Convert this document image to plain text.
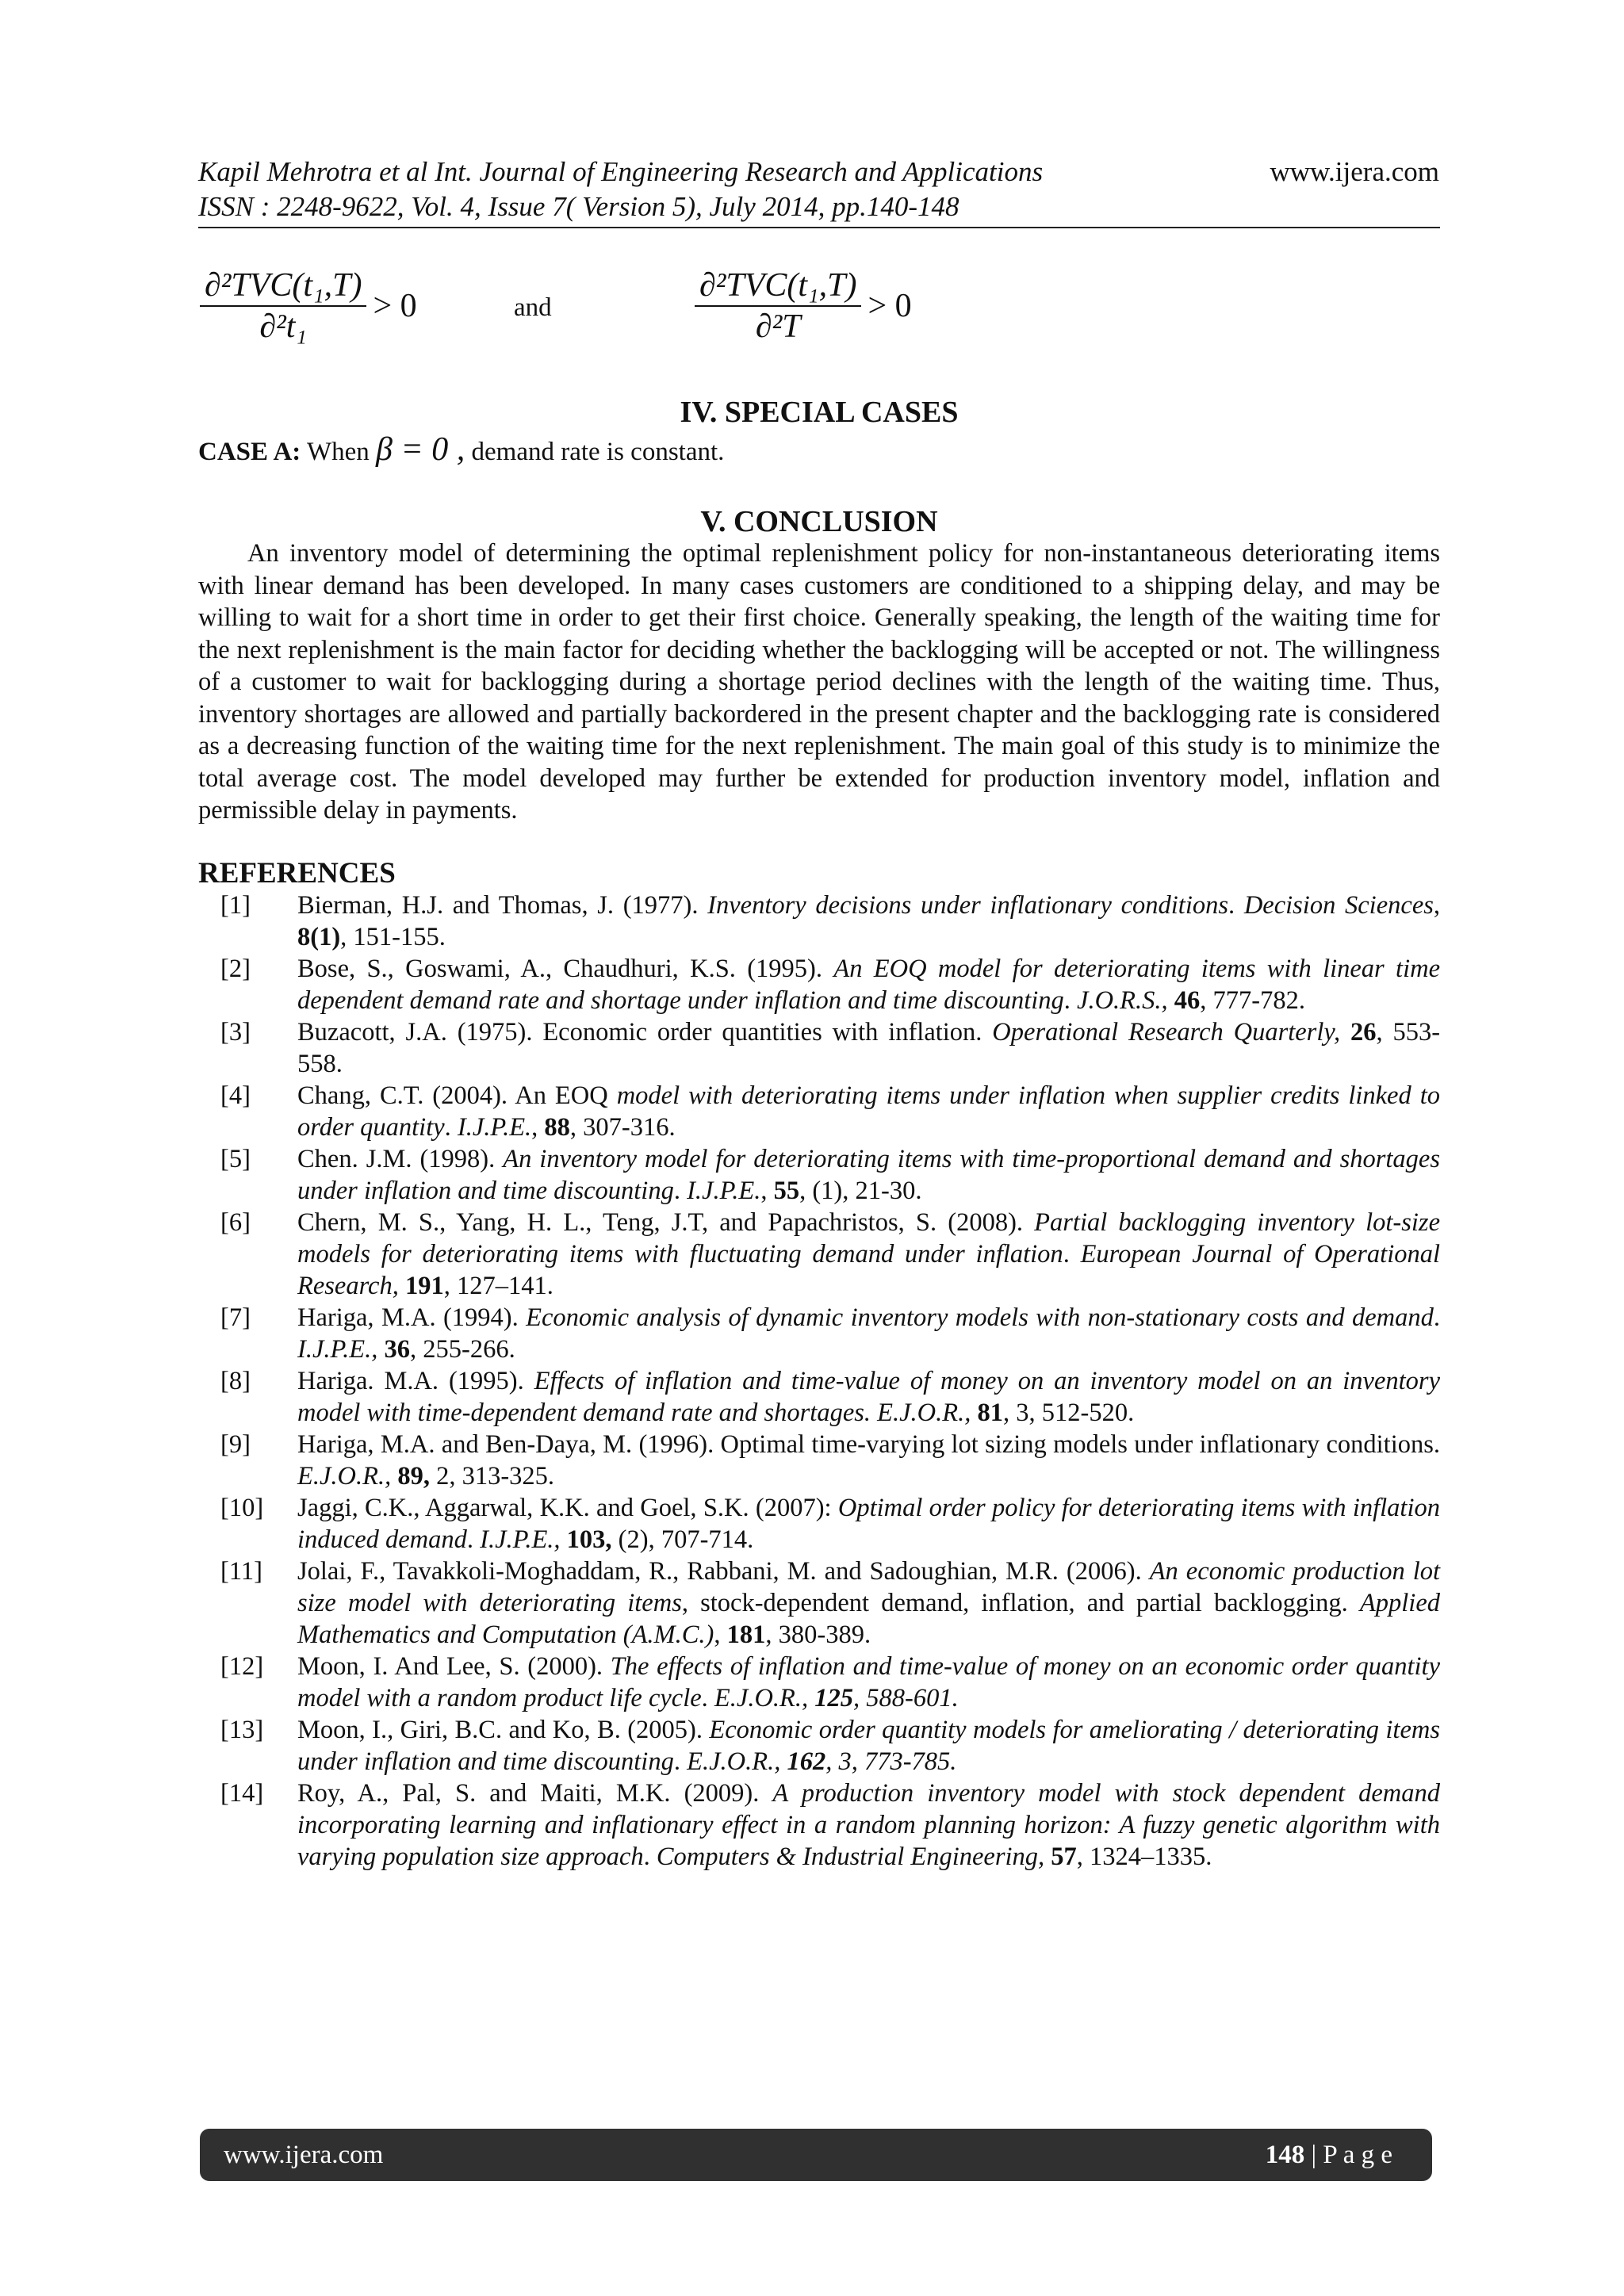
Kapil Mehrotra et al Int. Journal of Engineering Research and Applications	www.ijera.com
ISSN : 2248-9622, Vol. 4, Issue 7( Version 5), July 2014, pp.140-148
$\frac{\text{∂²TVC(t₁,T)}}{\text{∂²t₁}} > 0$	and	$\frac{\text{∂²TVC(t₁,T)}}{\text{∂²T}} > 0$
IV. SPECIAL CASES
CASE A: When β = 0 , demand rate is constant.
V. CONCLUSION

An inventory model of determining the optimal replenishment policy for non-instantaneous deteriorating items with linear demand has been developed. In many cases customers are conditioned to a shipping delay, and may be willing to wait for a short time in order to get their first choice. Generally speaking, the length of the waiting time for the next replenishment is the main factor for deciding whether the backlogging will be accepted or not. The willingness of a customer to wait for backlogging during a shortage period declines with the length of the waiting time. Thus, inventory shortages are allowed and partially backordered in the present chapter and the backlogging rate is considered as a decreasing function of the waiting time for the next replenishment. The main goal of this study is to minimize the total average cost. The model developed may further be extended for production inventory model, inflation and permissible delay in payments.

REFERENCES
[1]	Bierman, H.J. and Thomas, J. (1977). Inventory decisions under inflationary conditions. Decision Sciences, 8(1), 151-155.
[2]	Bose, S., Goswami, A., Chaudhuri, K.S. (1995). An EOQ model for deteriorating items with linear time dependent demand rate and shortage under inflation and time discounting. J.O.R.S., 46, 777-782.
[3]	Buzacott, J.A. (1975). Economic order quantities with inflation. Operational Research Quarterly, 26, 553-558.
[4]	Chang, C.T. (2004). An EOQ model with deteriorating items under inflation when supplier credits linked to order quantity. I.J.P.E., 88, 307-316.
[5]	Chen. J.M. (1998). An inventory model for deteriorating items with time-proportional demand and shortages under inflation and time discounting. I.J.P.E., 55, (1), 21-30.
[6]	Chern, M. S., Yang, H. L., Teng, J.T, and Papachristos, S. (2008). Partial backlogging inventory lot-size models for deteriorating items with fluctuating demand under inflation. European Journal of Operational Research, 191, 127–141.
[7]	Hariga, M.A. (1994). Economic analysis of dynamic inventory models with non-stationary costs and demand. I.J.P.E., 36, 255-266.
[8]	Hariga. M.A. (1995). Effects of inflation and time-value of money on an inventory model on an inventory model with time-dependent demand rate and shortages. E.J.O.R., 81, 3, 512-520.
[9]	Hariga, M.A. and Ben-Daya, M. (1996). Optimal time-varying lot sizing models under inflationary conditions. E.J.O.R., 89, 2, 313-325.
[10]	Jaggi, C.K., Aggarwal, K.K. and Goel, S.K. (2007): Optimal order policy for deteriorating items with inflation induced demand. I.J.P.E., 103, (2), 707-714.
[11]	Jolai, F., Tavakkoli-Moghaddam, R., Rabbani, M. and Sadoughian, M.R. (2006). An economic production lot size model with deteriorating items, stock-dependent demand, inflation, and partial backlogging. Applied Mathematics and Computation (A.M.C.), 181, 380-389.
[12]	Moon, I. And Lee, S. (2000). The effects of inflation and time-value of money on an economic order quantity model with a random product life cycle. E.J.O.R., 125, 588-601.
[13]	Moon, I., Giri, B.C. and Ko, B. (2005). Economic order quantity models for ameliorating / deteriorating items under inflation and time discounting. E.J.O.R., 162, 3, 773-785.
[14]	Roy, A., Pal, S. and Maiti, M.K. (2009). A production inventory model with stock dependent demand incorporating learning and inflationary effect in a random planning horizon: A fuzzy genetic algorithm with varying population size approach. Computers & Industrial Engineering, 57, 1324–1335.
www.ijera.com	148 | P a g e
